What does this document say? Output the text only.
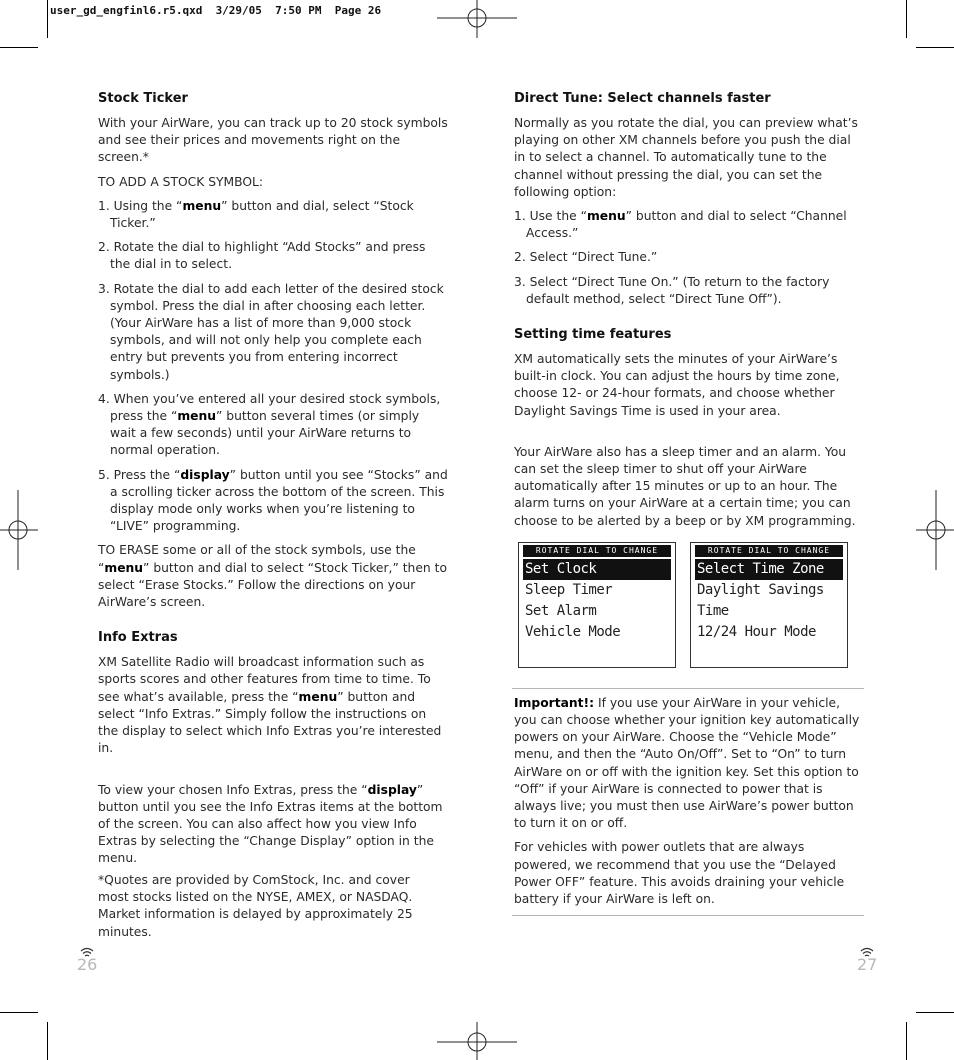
user_gd_engfinl6.r5.qxd  3/29/05  7:50 PM  Page 26
Stock Ticker

With your AirWare, you can track up to 20 stock symbols and see their prices and movements right on the screen.*

TO ADD A STOCK SYMBOL:

1. Using the “menu” button and dial, select “Stock Ticker.”
2. Rotate the dial to highlight “Add Stocks” and press the dial in to select.
3. Rotate the dial to add each letter of the desired stock symbol. Press the dial in after choosing each letter. (Your AirWare has a list of more than 9,000 stock symbols, and will not only help you complete each entry but prevents you from entering incorrect symbols.)
4. When you’ve entered all your desired stock symbols, press the “menu” button several times (or simply wait a few seconds) until your AirWare returns to normal operation.
5. Press the “display” button until you see “Stocks” and a scrolling ticker across the bottom of the screen. This display mode only works when you’re listening to “LIVE” programming.

TO ERASE some or all of the stock symbols, use the “menu” button and dial to select “Stock Ticker,” then to select “Erase Stocks.” Follow the directions on your AirWare’s screen.

Info Extras

XM Satellite Radio will broadcast information such as sports scores and other features from time to time. To see what’s available, press the “menu” button and select “Info Extras.” Simply follow the instructions on the display to select which Info Extras you’re interested in.

To view your chosen Info Extras, press the “display” button until you see the Info Extras items at the bottom of the screen. You can also affect how you view Info Extras by selecting the “Change Display” option in the menu.

*Quotes are provided by ComStock, Inc. and cover most stocks listed on the NYSE, AMEX, or NASDAQ. Market information is delayed by approximately 25 minutes.

Direct Tune: Select channels faster

Normally as you rotate the dial, you can preview what’s playing on other XM channels before you push the dial in to select a channel. To automatically tune to the channel without pressing the dial, you can set the following option:

1. Use the “menu” button and dial to select “Channel Access.”
2. Select “Direct Tune.”
3. Select “Direct Tune On.” (To return to the factory default method, select “Direct Tune Off”).
Setting time features

XM automatically sets the minutes of your AirWare’s built-in clock. You can adjust the hours by time zone, choose 12- or 24-hour formats, and choose whether Daylight Savings Time is used in your area.

Your AirWare also has a sleep timer and an alarm. You can set the sleep timer to shut off your AirWare automatically after 15 minutes or up to an hour. The alarm turns on your AirWare at a certain time; you can choose to be alerted by a beep or by XM programming.

ROTATE DIAL TO CHANGE
Set Clock
Sleep Timer
Set Alarm
Vehicle Mode
ROTATE DIAL TO CHANGE
Select Time Zone
Daylight Savings Time
12/24 Hour Mode

Important!: If you use your AirWare in your vehicle, you can choose whether your ignition key automatically powers on your AirWare. Choose the “Vehicle Mode” menu, and then the “Auto On/Off”. Set to “On” to turn AirWare on or off with the ignition key. Set this option to “Off” if your AirWare is connected to power that is always live; you must then use AirWare’s power button to turn it on or off.

For vehicles with power outlets that are always powered, we recommend that you use the “Delayed Power OFF” feature. This avoids draining your vehicle battery if your AirWare is left on.

26	27
